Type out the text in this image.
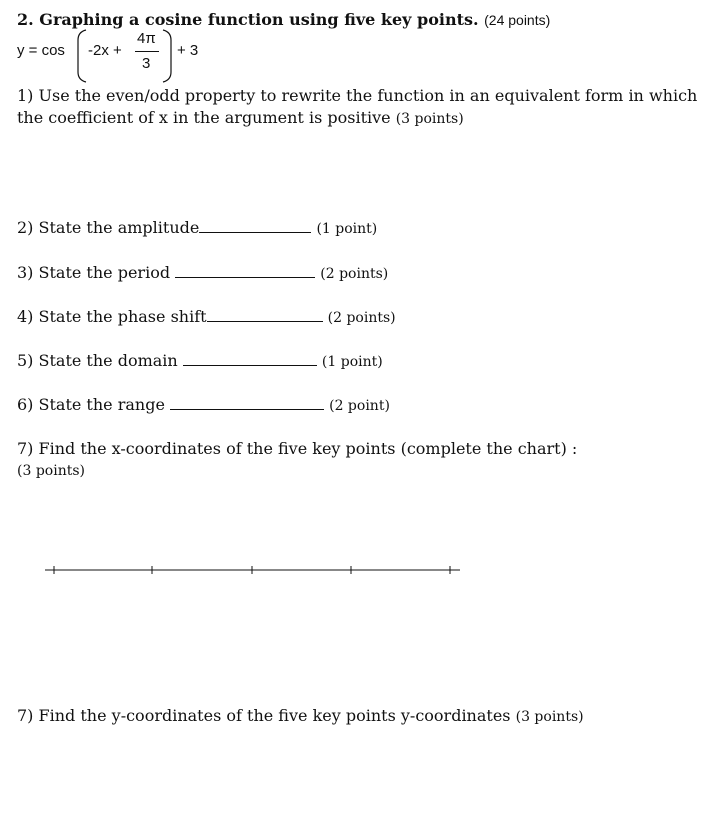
2. Graphing a cosine function using five key points. (24 points)
y = cos -2x +
4π
3
+ 3
1) Use the even/odd property to rewrite the function in an equivalent form in which
the coefficient of x in the argument is positive (3 points)
2) State the amplitude	(1 point)
3) State the period	(2 points)
4) State the phase shift	(2 points)
5) State the domain	(1 point)
6) State the range	(2 point)
7) Find the x-coordinates of the five key points (complete the chart) :
(3 points)
7) Find the y-coordinates of the five key points y-coordinates (3 points)
